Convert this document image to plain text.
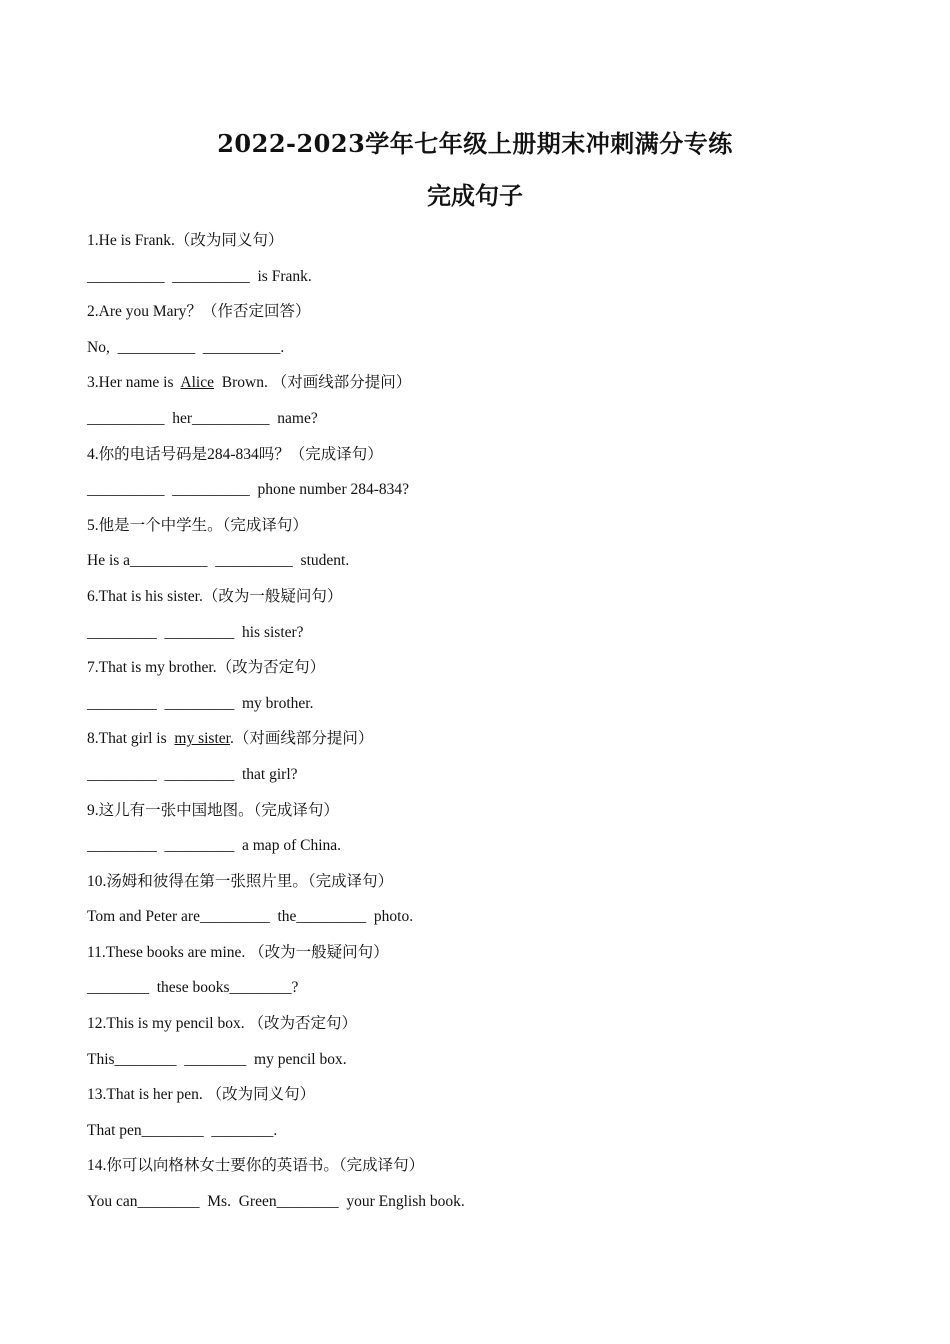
2022-2023学年七年级上册期末冲刺满分专练
完成句子
1.He is Frank.（改为同义句）
__________  __________  is Frank.
2.Are you Mary？（作否定回答）
No,  __________  __________.
3.Her name is  Alice  Brown. （对画线部分提问）
__________  her__________  name?
4.你的电话号码是284-834吗？（完成译句）
__________  __________  phone number 284-834?
5.他是一个中学生。（完成译句）
He is a__________  __________  student.
6.That is his sister.（改为一般疑问句）
_________  _________  his sister?
7.That is my brother.（改为否定句）
_________  _________  my brother.
8.That girl is  my sister.（对画线部分提问）
_________  _________  that girl?
9.这儿有一张中国地图。（完成译句）
_________  _________  a map of China.
10.汤姆和彼得在第一张照片里。（完成译句）
Tom and Peter are_________  the_________  photo.
11.These books are mine. （改为一般疑问句）
________  these books________?
12.This is my pencil box. （改为否定句）
This________  ________  my pencil box.
13.That is her pen. （改为同义句）
That pen________  ________.
14.你可以向格林女士要你的英语书。（完成译句）
You can________  Ms.  Green________  your English book.
